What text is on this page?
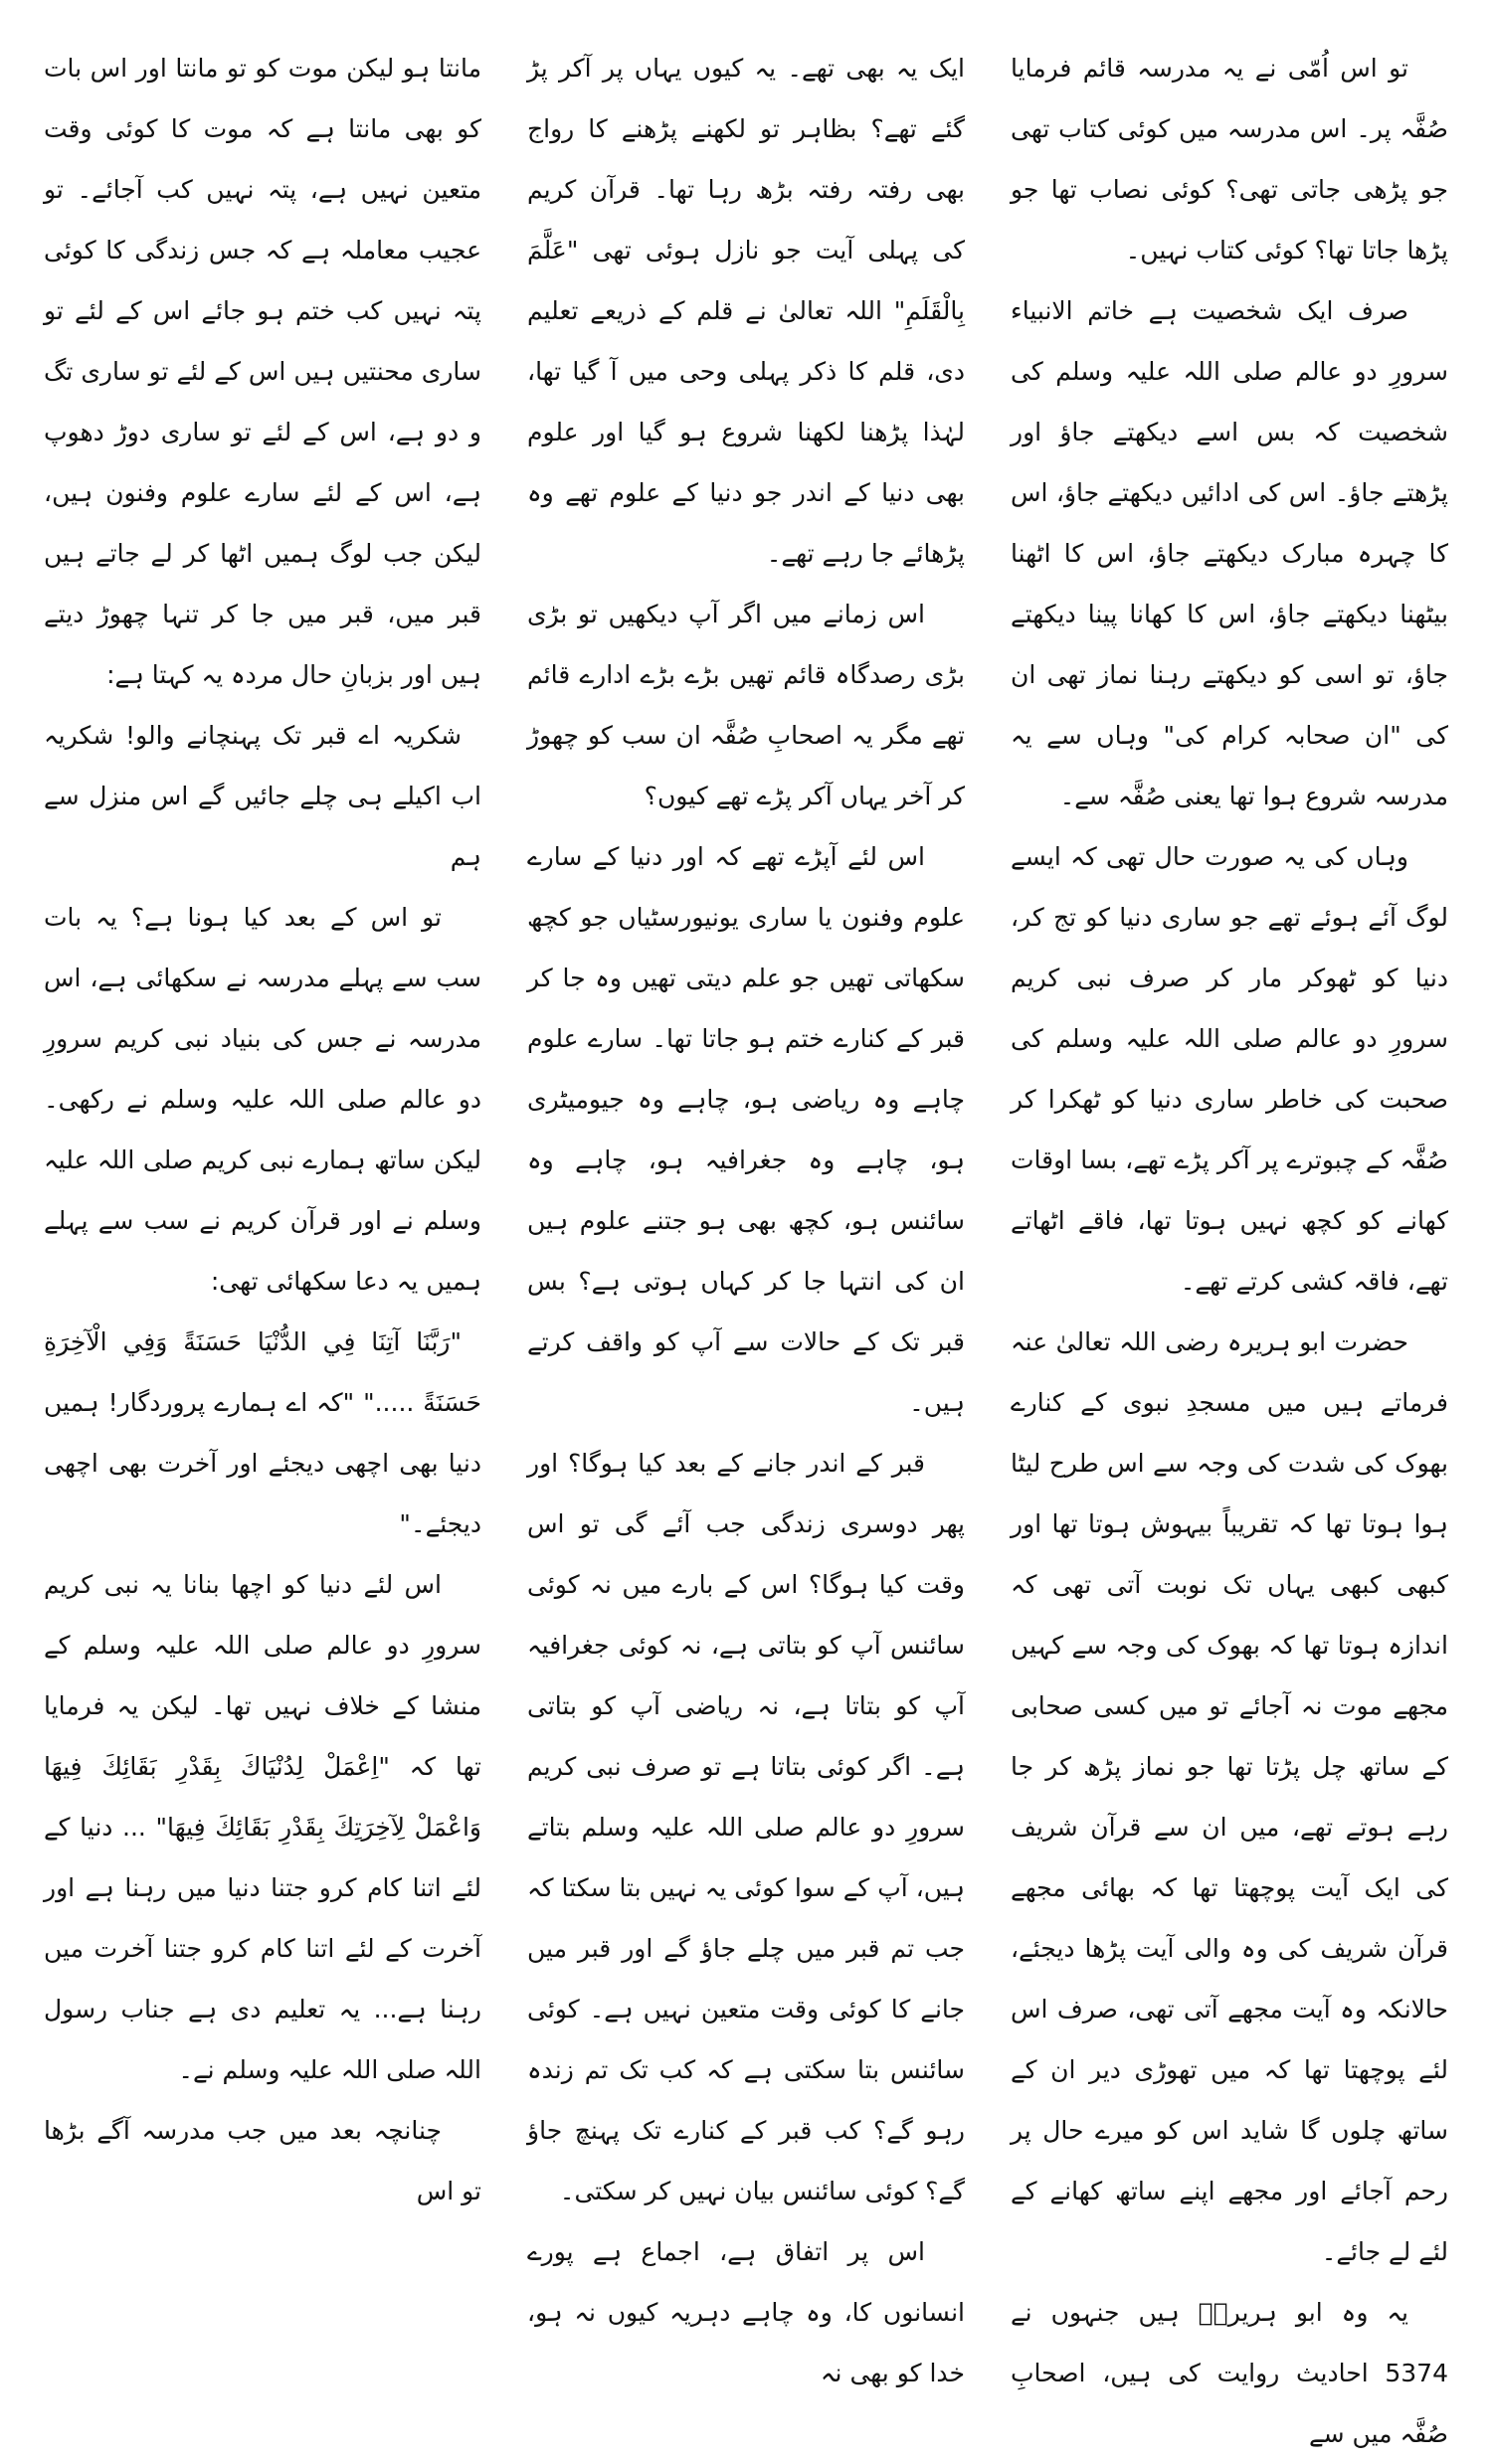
تو اس اُمّی نے یہ مدرسہ قائم فرمایا صُفَّہ پر۔ اس مدرسہ میں کوئی کتاب تھی جو پڑھی جاتی تھی؟ کوئی نصاب تھا جو پڑھا جاتا تھا؟ کوئی کتاب نہیں۔

صرف ایک شخصیت ہے خاتم الانبیاء سرورِ دو عالم صلی اللہ علیہ وسلم کی شخصیت کہ بس اسے دیکھتے جاؤ اور پڑھتے جاؤ۔ اس کی ادائیں دیکھتے جاؤ، اس کا چہرہ مبارک دیکھتے جاؤ، اس کا اٹھنا بیٹھنا دیکھتے جاؤ، اس کا کھانا پینا دیکھتے جاؤ، تو اسی کو دیکھتے رہنا نماز تھی ان کی "ان صحابہ کرام کی" وہاں سے یہ مدرسہ شروع ہوا تھا یعنی صُفَّہ سے۔

وہاں کی یہ صورت حال تھی کہ ایسے لوگ آئے ہوئے تھے جو ساری دنیا کو تج کر، دنیا کو ٹھوکر مار کر صرف نبی کریم سرورِ دو عالم صلی اللہ علیہ وسلم کی صحبت کی خاطر ساری دنیا کو ٹھکرا کر صُفَّہ کے چبوترے پر آکر پڑے تھے، بسا اوقات کھانے کو کچھ نہیں ہوتا تھا، فاقے اٹھاتے تھے، فاقہ کشی کرتے تھے۔

حضرت ابو ہریرہ رضی اللہ تعالیٰ عنہ فرماتے ہیں میں مسجدِ نبوی کے کنارے بھوک کی شدت کی وجہ سے اس طرح لیٹا ہوا ہوتا تھا کہ تقریباً بیہوش ہوتا تھا اور کبھی کبھی یہاں تک نوبت آتی تھی کہ اندازہ ہوتا تھا کہ بھوک کی وجہ سے کہیں مجھے موت نہ آجائے تو میں کسی صحابی کے ساتھ چل پڑتا تھا جو نماز پڑھ کر جا رہے ہوتے تھے، میں ان سے قرآن شریف کی ایک آیت پوچھتا تھا کہ بھائی مجھے قرآن شریف کی وہ والی آیت پڑھا دیجئے، حالانکہ وہ آیت مجھے آتی تھی، صرف اس لئے پوچھتا تھا کہ میں تھوڑی دیر ان کے ساتھ چلوں گا شاید اس کو میرے حال پر رحم آجائے اور مجھے اپنے ساتھ کھانے کے لئے لے جائے۔

یہ وہ ابو ہریرہؓ ہیں جنہوں نے 5374 احادیث روایت کی ہیں، اصحابِ صُفَّہ میں سے

ایک یہ بھی تھے۔ یہ کیوں یہاں پر آکر پڑ گئے تھے؟ بظاہر تو لکھنے پڑھنے کا رواج بھی رفتہ رفتہ بڑھ رہا تھا۔ قرآن کریم کی پہلی آیت جو نازل ہوئی تھی "عَلَّمَ بِالْقَلَمِ" اللہ تعالیٰ نے قلم کے ذریعے تعلیم دی، قلم کا ذکر پہلی وحی میں آ گیا تھا، لہٰذا پڑھنا لکھنا شروع ہو گیا اور علوم بھی دنیا کے اندر جو دنیا کے علوم تھے وہ پڑھائے جا رہے تھے۔

اس زمانے میں اگر آپ دیکھیں تو بڑی بڑی رصدگاہ قائم تھیں بڑے بڑے ادارے قائم تھے مگر یہ اصحابِ صُفَّہ ان سب کو چھوڑ کر آخر یہاں آکر پڑے تھے کیوں؟

اس لئے آپڑے تھے کہ اور دنیا کے سارے علوم وفنون یا ساری یونیورسٹیاں جو کچھ سکھاتی تھیں جو علم دیتی تھیں وہ جا کر قبر کے کنارے ختم ہو جاتا تھا۔ سارے علوم چاہے وہ ریاضی ہو، چاہے وہ جیومیٹری ہو، چاہے وہ جغرافیہ ہو، چاہے وہ سائنس ہو، کچھ بھی ہو جتنے علوم ہیں ان کی انتہا جا کر کہاں ہوتی ہے؟ بس قبر تک کے حالات سے آپ کو واقف کرتے ہیں۔

قبر کے اندر جانے کے بعد کیا ہوگا؟ اور پھر دوسری زندگی جب آئے گی تو اس وقت کیا ہوگا؟ اس کے بارے میں نہ کوئی سائنس آپ کو بتاتی ہے، نہ کوئی جغرافیہ آپ کو بتاتا ہے، نہ ریاضی آپ کو بتاتی ہے۔ اگر کوئی بتاتا ہے تو صرف نبی کریم سرورِ دو عالم صلی اللہ علیہ وسلم بتاتے ہیں، آپ کے سوا کوئی یہ نہیں بتا سکتا کہ جب تم قبر میں چلے جاؤ گے اور قبر میں جانے کا کوئی وقت متعین نہیں ہے۔ کوئی سائنس بتا سکتی ہے کہ کب تک تم زندہ رہو گے؟ کب قبر کے کنارے تک پہنچ جاؤ گے؟ کوئی سائنس بیان نہیں کر سکتی۔

اس پر اتفاق ہے، اجماع ہے پورے انسانوں کا، وہ چاہے دہریہ کیوں نہ ہو، خدا کو بھی نہ

مانتا ہو لیکن موت کو تو مانتا اور اس بات کو بھی مانتا ہے کہ موت کا کوئی وقت متعین نہیں ہے، پتہ نہیں کب آجائے۔ تو عجیب معاملہ ہے کہ جس زندگی کا کوئی پتہ نہیں کب ختم ہو جائے اس کے لئے تو ساری محنتیں ہیں اس کے لئے تو ساری تگ و دو ہے، اس کے لئے تو ساری دوڑ دھوپ ہے، اس کے لئے سارے علوم وفنون ہیں، لیکن جب لوگ ہمیں اٹھا کر لے جاتے ہیں قبر میں، قبر میں جا کر تنہا چھوڑ دیتے ہیں اور بزبانِ حال مردہ یہ کہتا ہے:

شکریہ اے قبر تک پہنچانے والو! شکریہ اب اکیلے ہی چلے جائیں گے اس منزل سے ہم

تو اس کے بعد کیا ہونا ہے؟ یہ بات سب سے پہلے مدرسہ نے سکھائی ہے، اس مدرسہ نے جس کی بنیاد نبی کریم سرورِ دو عالم صلی اللہ علیہ وسلم نے رکھی۔ لیکن ساتھ ہمارے نبی کریم صلی اللہ علیہ وسلم نے اور قرآن کریم نے سب سے پہلے ہمیں یہ دعا سکھائی تھی:

"رَبَّنَا آتِنَا فِي الدُّنْيَا حَسَنَةً وَفِي الْآخِرَةِ حَسَنَةً ....." "کہ اے ہمارے پروردگار! ہمیں دنیا بھی اچھی دیجئے اور آخرت بھی اچھی دیجئے۔"

اس لئے دنیا کو اچھا بنانا یہ نبی کریم سرورِ دو عالم صلی اللہ علیہ وسلم کے منشا کے خلاف نہیں تھا۔ لیکن یہ فرمایا تھا کہ "اِعْمَلْ لِدُنْيَاكَ بِقَدْرِ بَقَائِكَ فِيهَا وَاعْمَلْ لِآخِرَتِكَ بِقَدْرِ بَقَائِكَ فِيهَا" ... دنیا کے لئے اتنا کام کرو جتنا دنیا میں رہنا ہے اور آخرت کے لئے اتنا کام کرو جتنا آخرت میں رہنا ہے... یہ تعلیم دی ہے جناب رسول اللہ صلی اللہ علیہ وسلم نے۔

چنانچہ بعد میں جب مدرسہ آگے بڑھا تو اس
